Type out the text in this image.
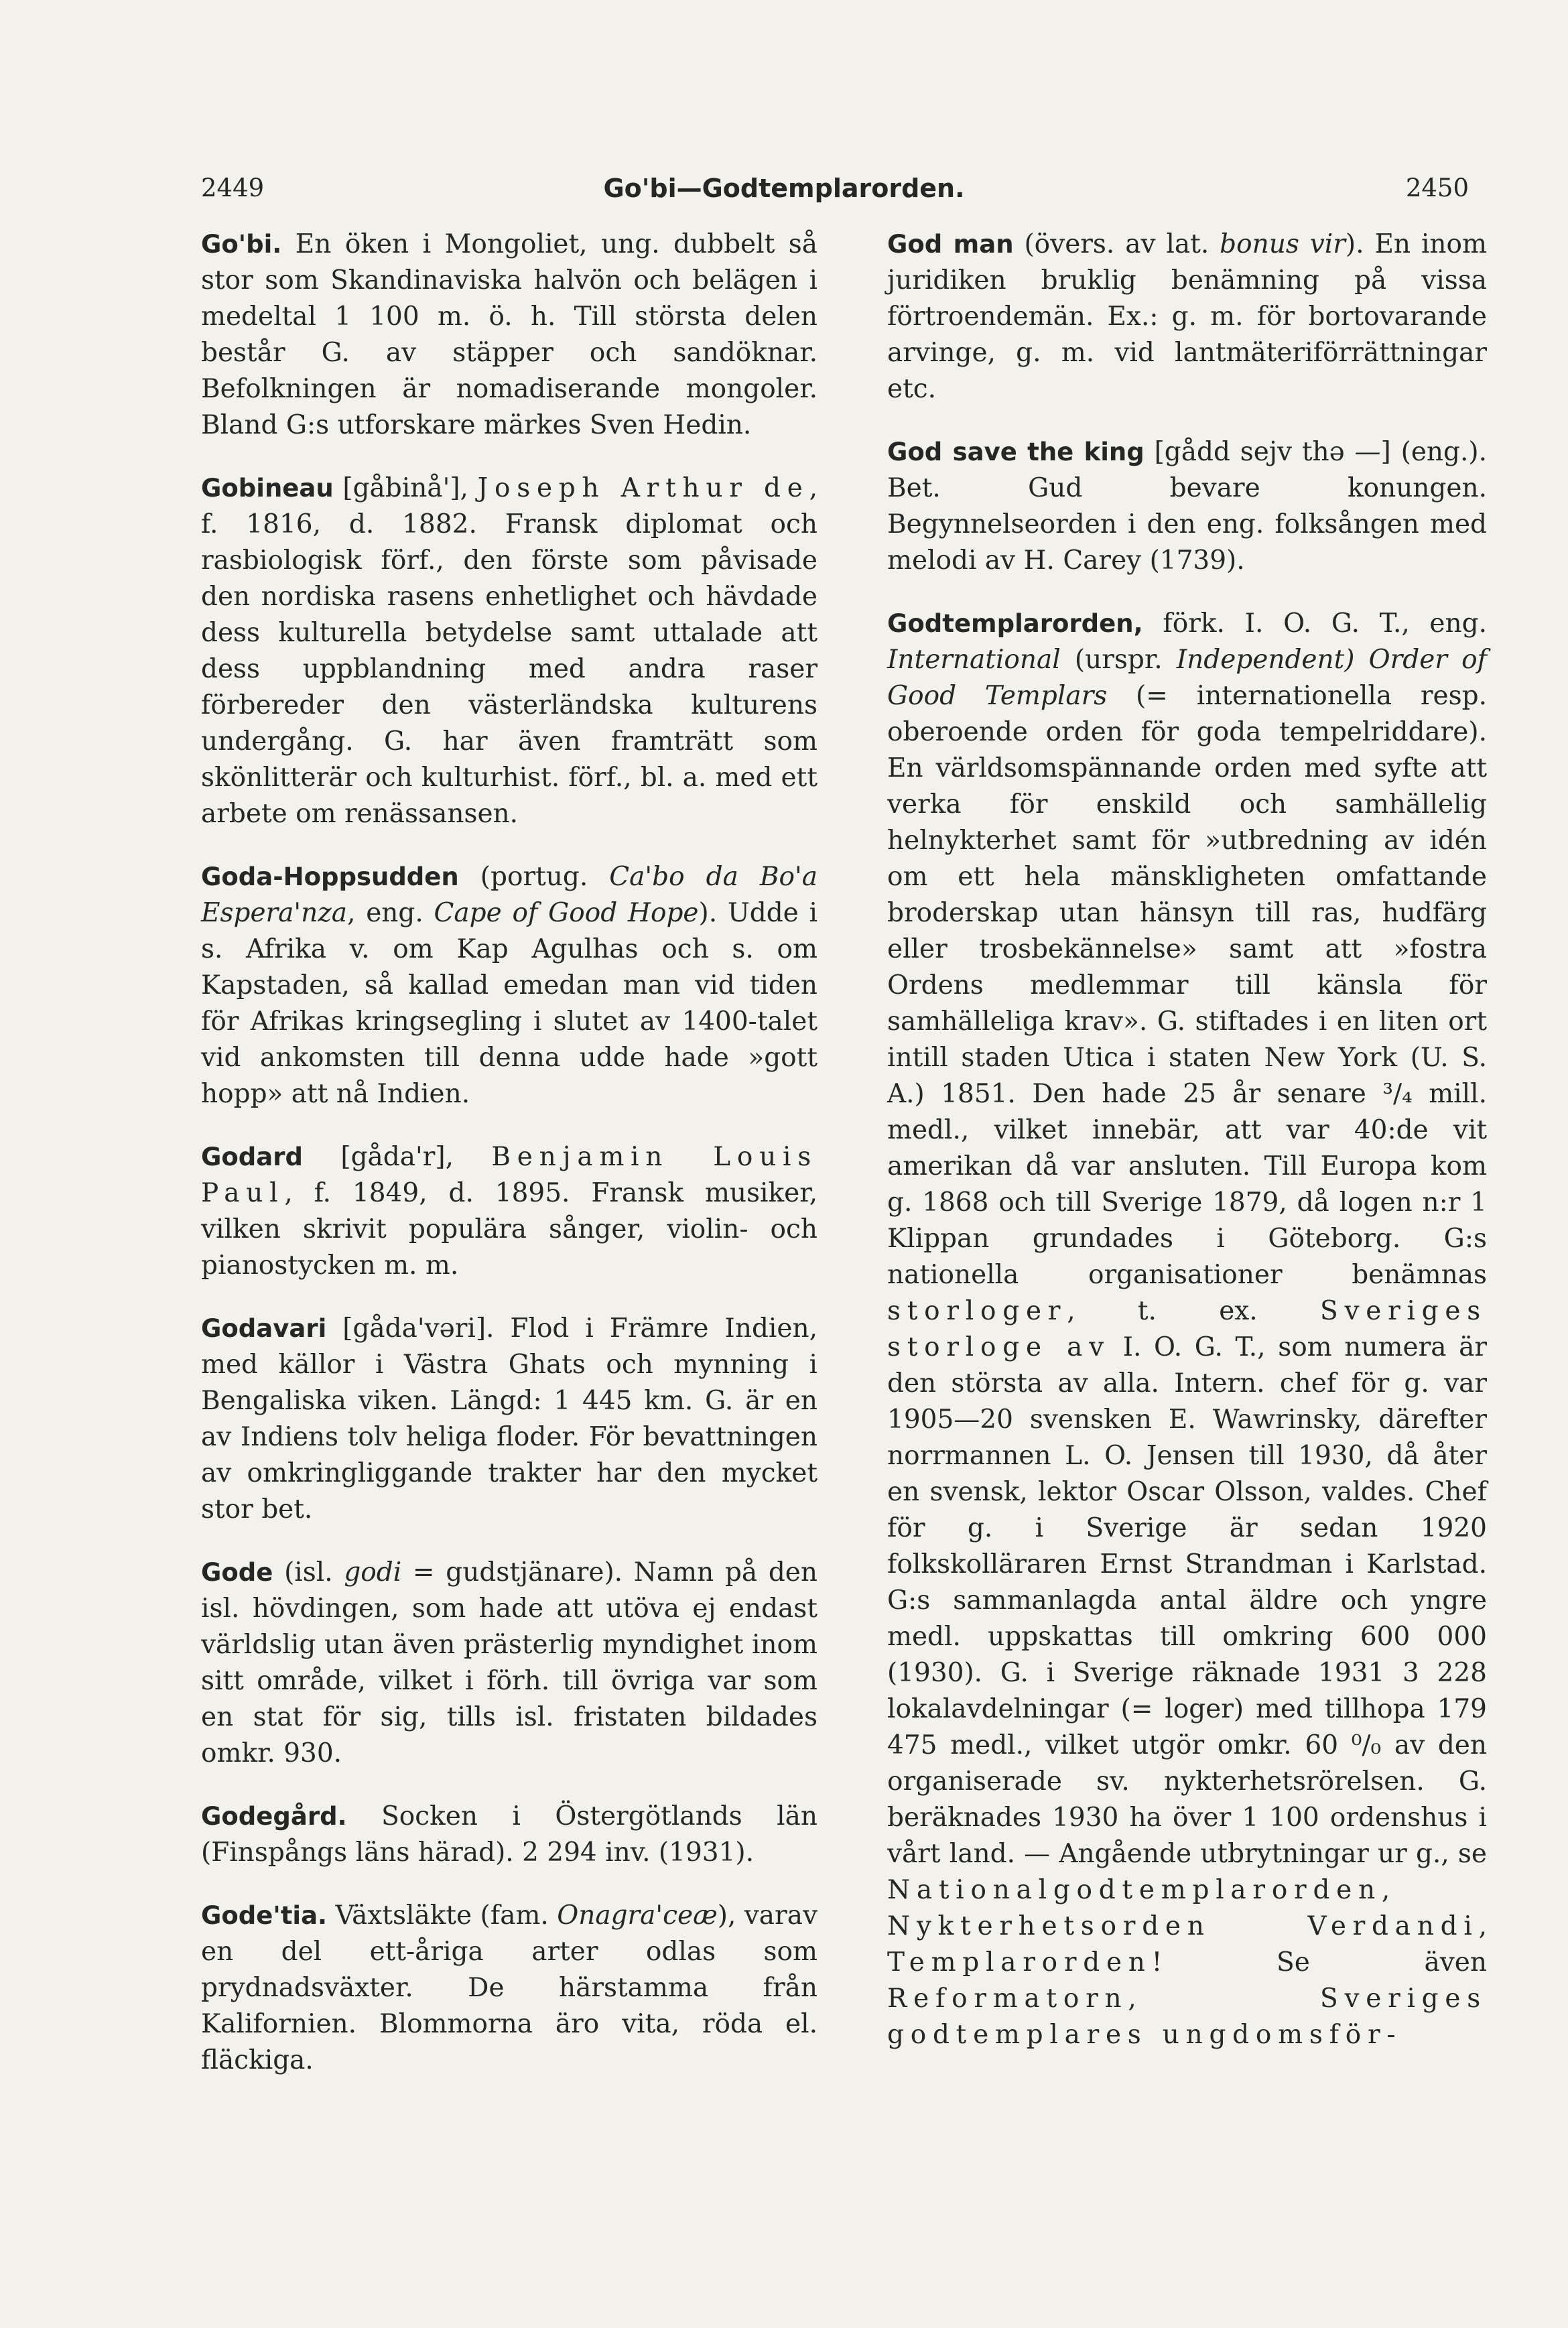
2449	Go'bi—Godtemplarorden.	2450

Go'bi. En öken i Mongoliet, ung. dubbelt så stor som Skandinaviska halvön och belägen i medeltal 1 100 m. ö. h. Till största delen består G. av stäpper och sandöknar. Befolkningen är nomadiserande mongoler. Bland G:s utforskare märkes Sven Hedin.

Gobineau [gåbinå'], Joseph Arthur de, f. 1816, d. 1882. Fransk diplomat och rasbiologisk förf., den förste som påvisade den nordiska rasens enhetlighet och hävdade dess kulturella betydelse samt uttalade att dess uppblandning med andra raser förbereder den västerländska kulturens undergång. G. har även framträtt som skönlitterär och kulturhist. förf., bl. a. med ett arbete om renässansen.

Goda-Hoppsudden (portug. Ca'bo da Bo'a Espera'nza, eng. Cape of Good Hope). Udde i s. Afrika v. om Kap Agulhas och s. om Kapstaden, så kallad emedan man vid tiden för Afrikas kringsegling i slutet av 1400-talet vid ankomsten till denna udde hade »gott hopp» att nå Indien.

Godard [gåda'r], Benjamin Louis Paul, f. 1849, d. 1895. Fransk musiker, vilken skrivit populära sånger, violin- och pianostycken m. m.

Godavari [gåda'vəri]. Flod i Främre Indien, med källor i Västra Ghats och mynning i Bengaliska viken. Längd: 1 445 km. G. är en av Indiens tolv heliga floder. För bevattningen av omkringliggande trakter har den mycket stor bet.

Gode (isl. godi = gudstjänare). Namn på den isl. hövdingen, som hade att utöva ej endast världslig utan även prästerlig myndighet inom sitt område, vilket i förh. till övriga var som en stat för sig, tills isl. fristaten bildades omkr. 930.

Godegård. Socken i Östergötlands län (Finspångs läns härad). 2 294 inv. (1931).

Gode'tia. Växtsläkte (fam. Onagra'ceæ), varav en del ett-åriga arter odlas som prydnadsväxter. De härstamma från Kalifornien. Blommorna äro vita, röda el. fläckiga.

God man (övers. av lat. bonus vir). En inom juridiken bruklig benämning på vissa förtroendemän. Ex.: g. m. för bortovarande arvinge, g. m. vid lantmäteriförrättningar etc.

God save the king [gådd sejv thə —] (eng.). Bet. Gud bevare konungen. Begynnelseorden i den eng. folksången med melodi av H. Carey (1739).

Godtemplarorden, förk. I. O. G. T., eng. International (urspr. Independent) Order of Good Templars (= internationella resp. oberoende orden för goda tempelriddare). En världsomspännande orden med syfte att verka för enskild och samhällelig helnykterhet samt för »utbredning av idén om ett hela mänskligheten omfattande broderskap utan hänsyn till ras, hudfärg eller trosbekännelse» samt att »fostra Ordens medlemmar till känsla för samhälleliga krav». G. stiftades i en liten ort intill staden Utica i staten New York (U. S. A.) 1851. Den hade 25 år senare ³/₄ mill. medl., vilket innebär, att var 40:de vit amerikan då var ansluten. Till Europa kom g. 1868 och till Sverige 1879, då logen n:r 1 Klippan grundades i Göteborg. G:s nationella organisationer benämnas storloger, t. ex. Sveriges storloge av I. O. G. T., som numera är den största av alla. Intern. chef för g. var 1905—20 svensken E. Wawrinsky, därefter norrmannen L. O. Jensen till 1930, då åter en svensk, lektor Oscar Olsson, valdes. Chef för g. i Sverige är sedan 1920 folkskolläraren Ernst Strandman i Karlstad. G:s sammanlagda antal äldre och yngre medl. uppskattas till omkring 600 000 (1930). G. i Sverige räknade 1931 3 228 lokalavdelningar (= loger) med tillhopa 179 475 medl., vilket utgör omkr. 60 ⁰/₀ av den organiserade sv. nykterhetsrörelsen. G. beräknades 1930 ha över 1 100 ordenshus i vårt land. — Angående utbrytningar ur g., se Nationalgodtemplarorden, Nykterhetsorden Verdandi, Templarorden! Se även Reformatorn, Sveriges godtemplares ungdomsför-
